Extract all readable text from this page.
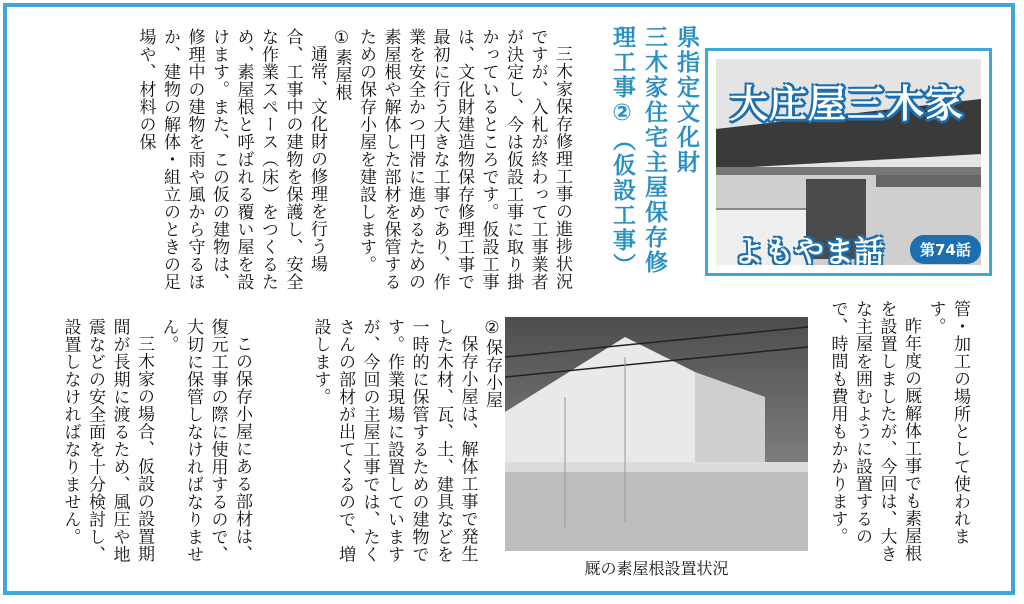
大庄屋三木家
よもやま話	第74話
県指定文化財
三木家住宅主屋保存修
理工事②（仮設工事）

三木家保存修理工事の進捗状況ですが、入札が終わって工事業者が決定し、今は仮設工事に取り掛かっているところです。仮設工事は、文化財建造物保存修理工事で最初に行う大きな工事であり、作業を安全かつ円滑に進めるための素屋根や解体した部材を保管するための保存小屋を建設します。

①素屋根

通常、文化財の修理を行う場合、工事中の建物を保護し、安全な作業スペース（床）をつくるため、素屋根と呼ばれる覆い屋を設けます。また、この仮の建物は、修理中の建物を雨や風から守るほか、建物の解体・組立のときの足場や、材料の保

管・加工の場所として使われます。

昨年度の厩解体工事でも素屋根を設置しましたが、今回は、大きな主屋を囲むように設置するので、時間も費用もかかります。

厩の素屋根設置状況

②保存小屋

保存小屋は、解体工事で発生した木材、瓦、土、建具などを一時的に保管するための建物です。作業現場に設置していますが、今回の主屋工事では、たくさんの部材が出てくるので、増設します。

この保存小屋にある部材は、復元工事の際に使用するので、大切に保管しなければなりません。

三木家の場合、仮設の設置期間が長期に渡るため、風圧や地震などの安全面を十分検討し、設置しなければなりません。
